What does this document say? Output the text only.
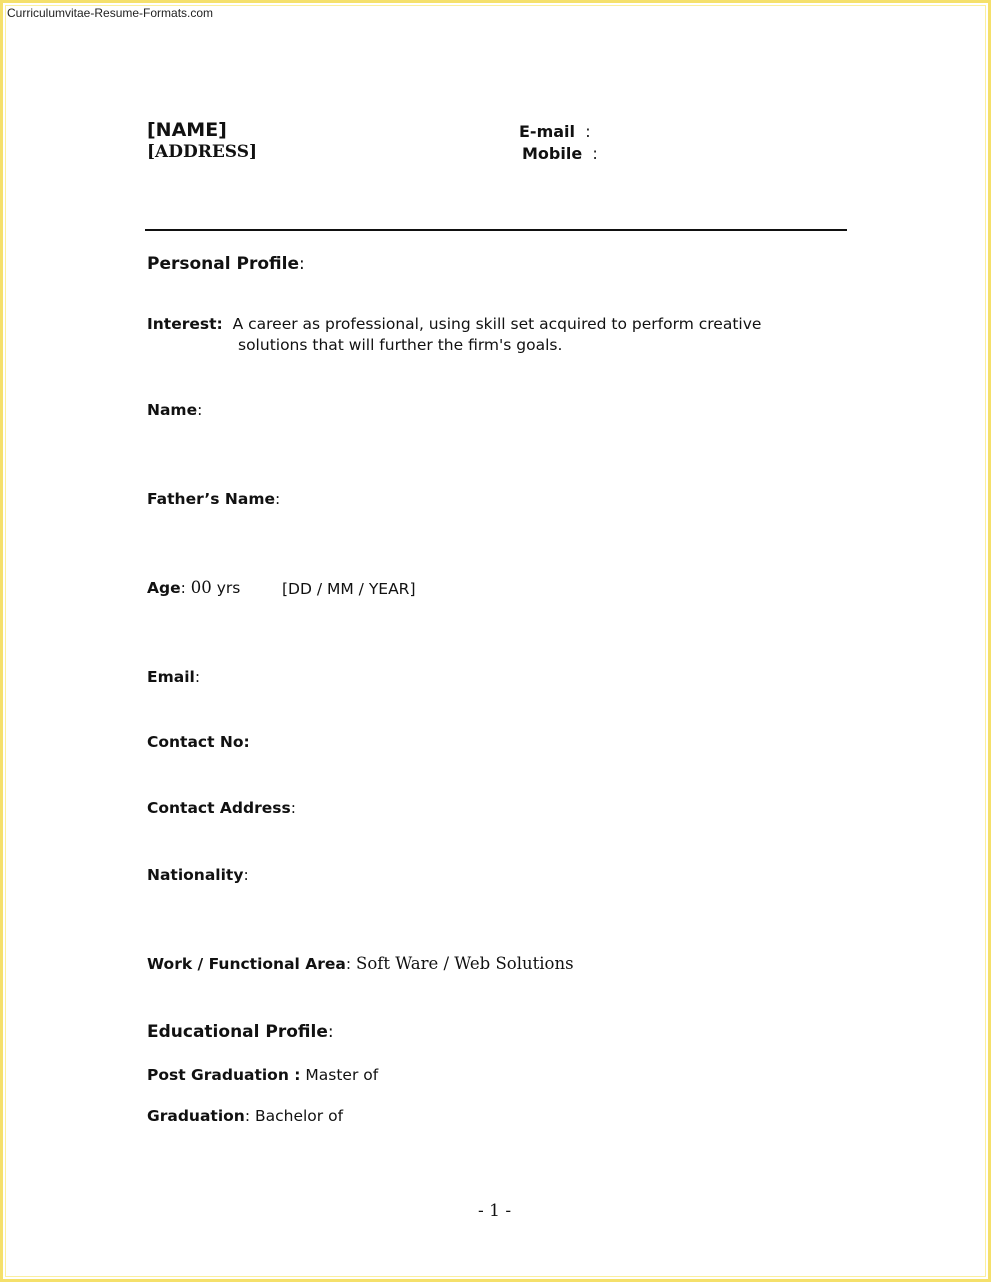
Curriculumvitae-Resume-Formats.com
[NAME]
[ADDRESS]
E-mail :
Mobile :
Personal Profile:
Interest: A career as professional, using skill set acquired to perform creative
solutions that will further the firm's goals.
Name:
Father’s Name:
Age: 00 yrs	[DD / MM / YEAR]
Email:
Contact No:
Contact Address:
Nationality:
Work / Functional Area: Soft Ware / Web Solutions
Educational Profile:
Post Graduation : Master of
Graduation: Bachelor of
- 1 -
